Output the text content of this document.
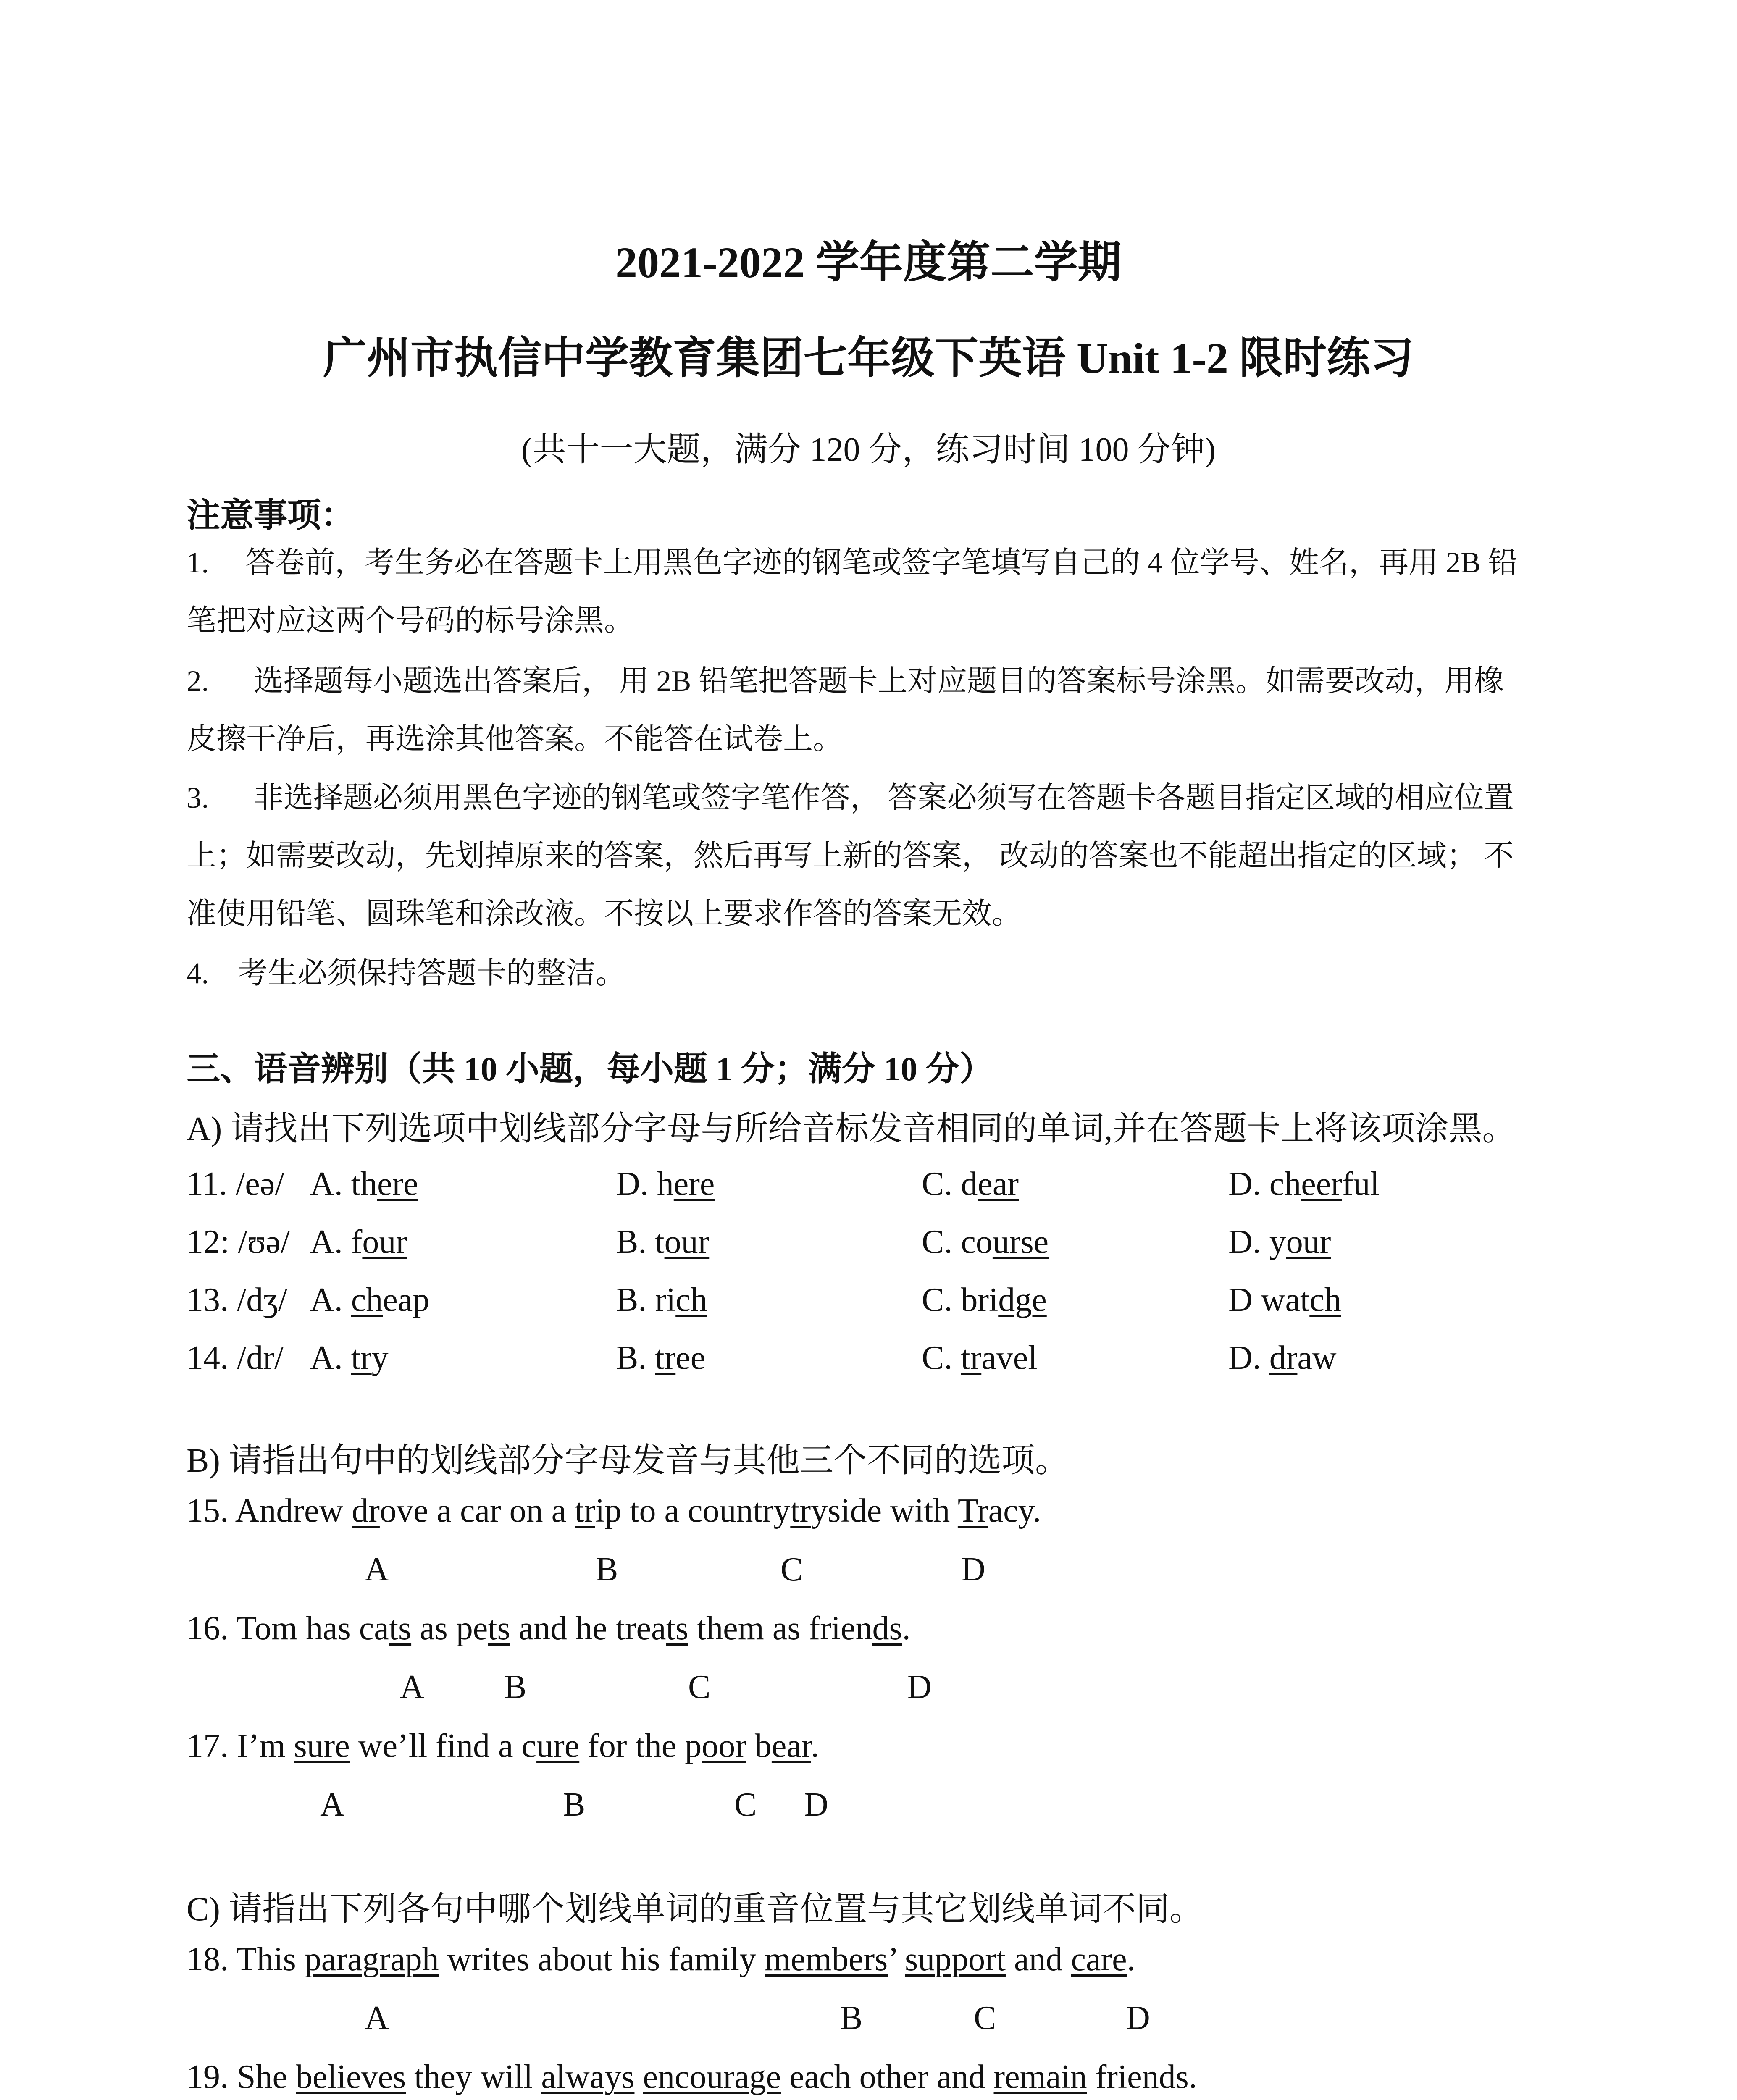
2021-2022 学年度第二学期
广州市执信中学教育集团七年级下英语 Unit 1-2 限时练习
(共十一大题，满分 120 分，练习时间 100 分钟)
注意事项：
1. 答卷前，考生务必在答题卡上用黑色字迹的钢笔或签字笔填写自己的 4 位学号、姓名，再用 2B 铅
笔把对应这两个号码的标号涂黑。
2. 选择题每小题选出答案后， 用 2B 铅笔把答题卡上对应题目的答案标号涂黑。如需要改动，用橡
皮擦干净后，再选涂其他答案。不能答在试卷上。
3. 非选择题必须用黑色字迹的钢笔或签字笔作答， 答案必须写在答题卡各题目指定区域的相应位置
上；如需要改动，先划掉原来的答案，然后再写上新的答案， 改动的答案也不能超出指定的区域； 不
准使用铅笔、圆珠笔和涂改液。不按以上要求作答的答案无效。
4. 考生必须保持答题卡的整洁。
三、语音辨别（共 10 小题，每小题 1 分；满分 10 分）
A) 请找出下列选项中划线部分字母与所给音标发音相同的单词,并在答题卡上将该项涂黑。
11. /eə/ A. there	D. here	C. dear	D. cheerful
12: /ʊə/ A. four	B. tour	C. course	D. your
13. /dʒ/ A. cheap	B. rich	C. bridge	D watch
14. /dr/ A. try	B. tree	C. travel	D. draw
B) 请指出句中的划线部分字母发音与其他三个不同的选项。
15. Andrew drove a car on a trip to a countrytryside with Tracy.
A	B	C	D
16. Tom has cats as pets and he treats them as friends.
A B	C	D
17. I’m sure we’ll find a cure for the poor bear.
A	B	C D
C) 请指出下列各句中哪个划线单词的重音位置与其它划线单词不同。
18. This paragraph writes about his family members’ support and care.
A	B	C	D
19. She believes they will always encourage each other and remain friends.
